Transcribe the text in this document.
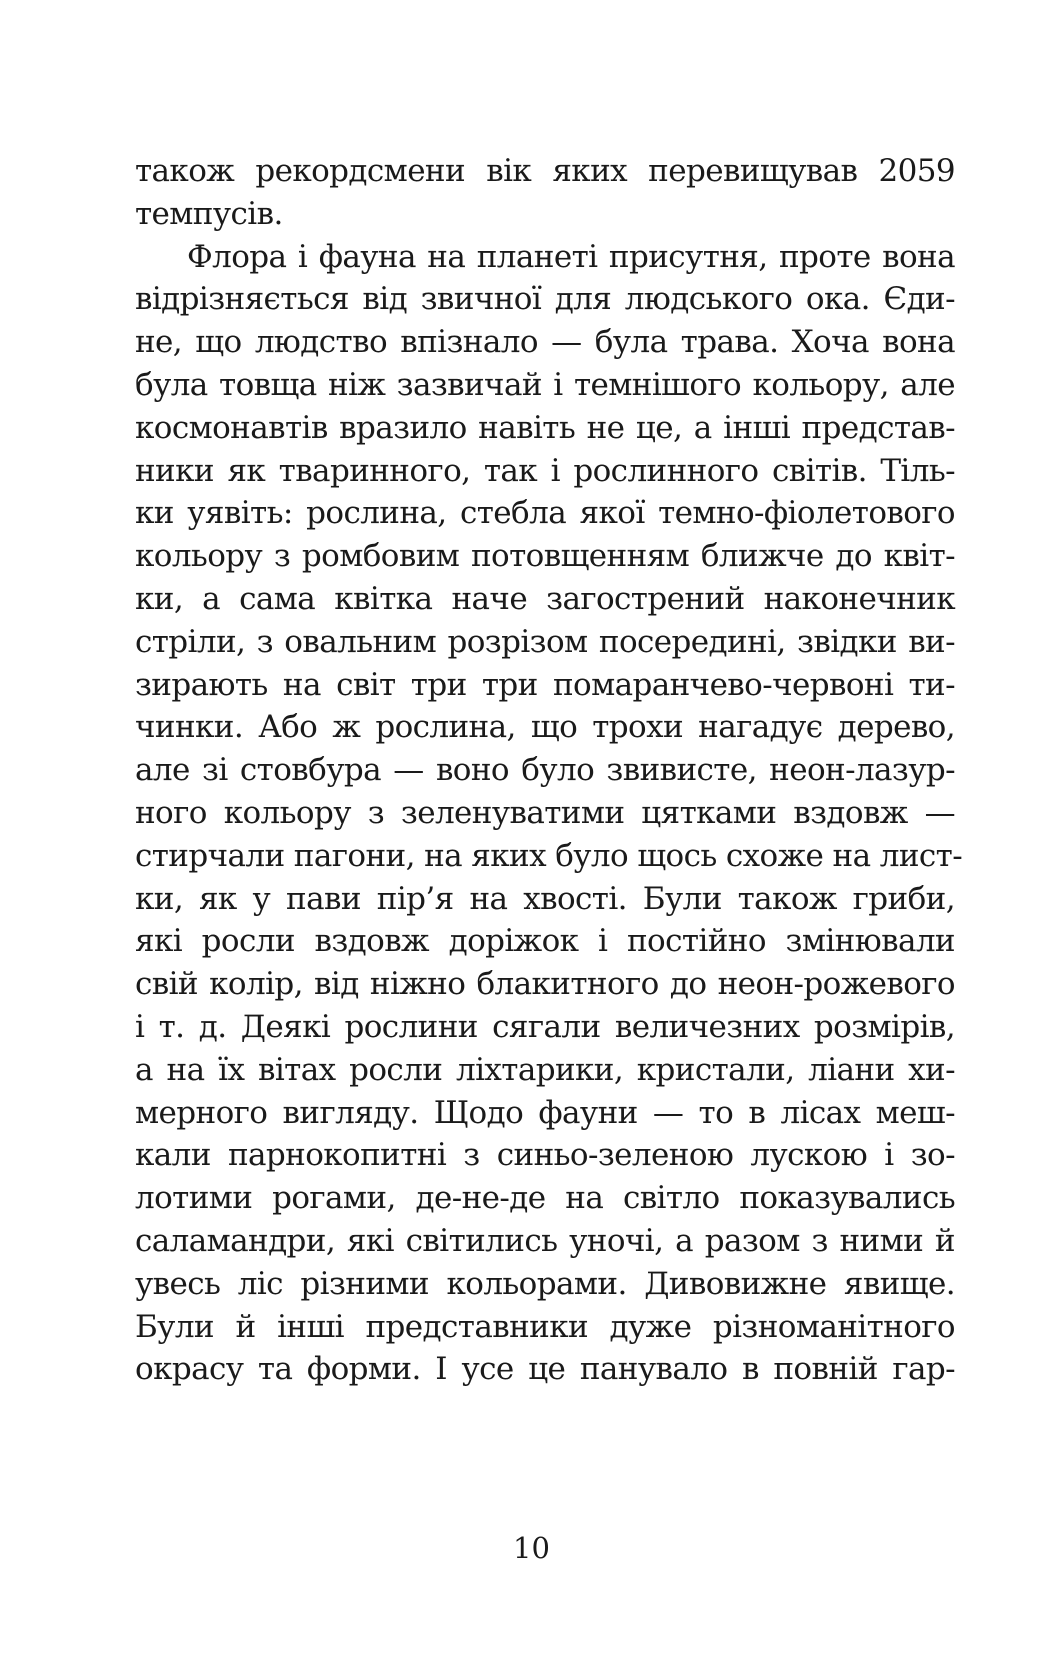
також рекордсмени вік яких перевищував 2059
темпусів.
Флора і фауна на планеті присутня, проте вона
відрізняється від звичної для людського ока. Єди-
не, що людство впізнало — була трава. Хоча вона
була товща ніж зазвичай і темнішого кольору, але
космонавтів вразило навіть не це, а інші представ-
ники як тваринного, так і рослинного світів. Тіль-
ки уявіть: рослина, стебла якої темно-фіолетового
кольору з ромбовим потовщенням ближче до квіт-
ки, а сама квітка наче загострений наконечник
стріли, з овальним розрізом посередині, звідки ви-
зирають на світ три три помаранчево-червоні ти-
чинки. Або ж рослина, що трохи нагадує дерево,
але зі стовбура — воно було звивисте, неон-лазур-
ного кольору з зеленуватими цятками вздовж —
стирчали пагони, на яких було щось схоже на лист-
ки, як у пави пір’я на хвості. Були також гриби,
які росли вздовж доріжок і постійно змінювали
свій колір, від ніжно блакитного до неон-рожевого
і т. д. Деякі рослини сягали величезних розмірів,
а на їх вітах росли ліхтарики, кристали, ліани хи-
мерного вигляду. Щодо фауни — то в лісах меш-
кали парнокопитні з синьо-зеленою лускою і зо-
лотими рогами, де-не-де на світло показувались
саламандри, які світились уночі, а разом з ними й
увесь ліс різними кольорами. Дивовижне явище.
Були й інші представники дуже різноманітного
окрасу та форми. І усе це панувало в повній гар-
10
